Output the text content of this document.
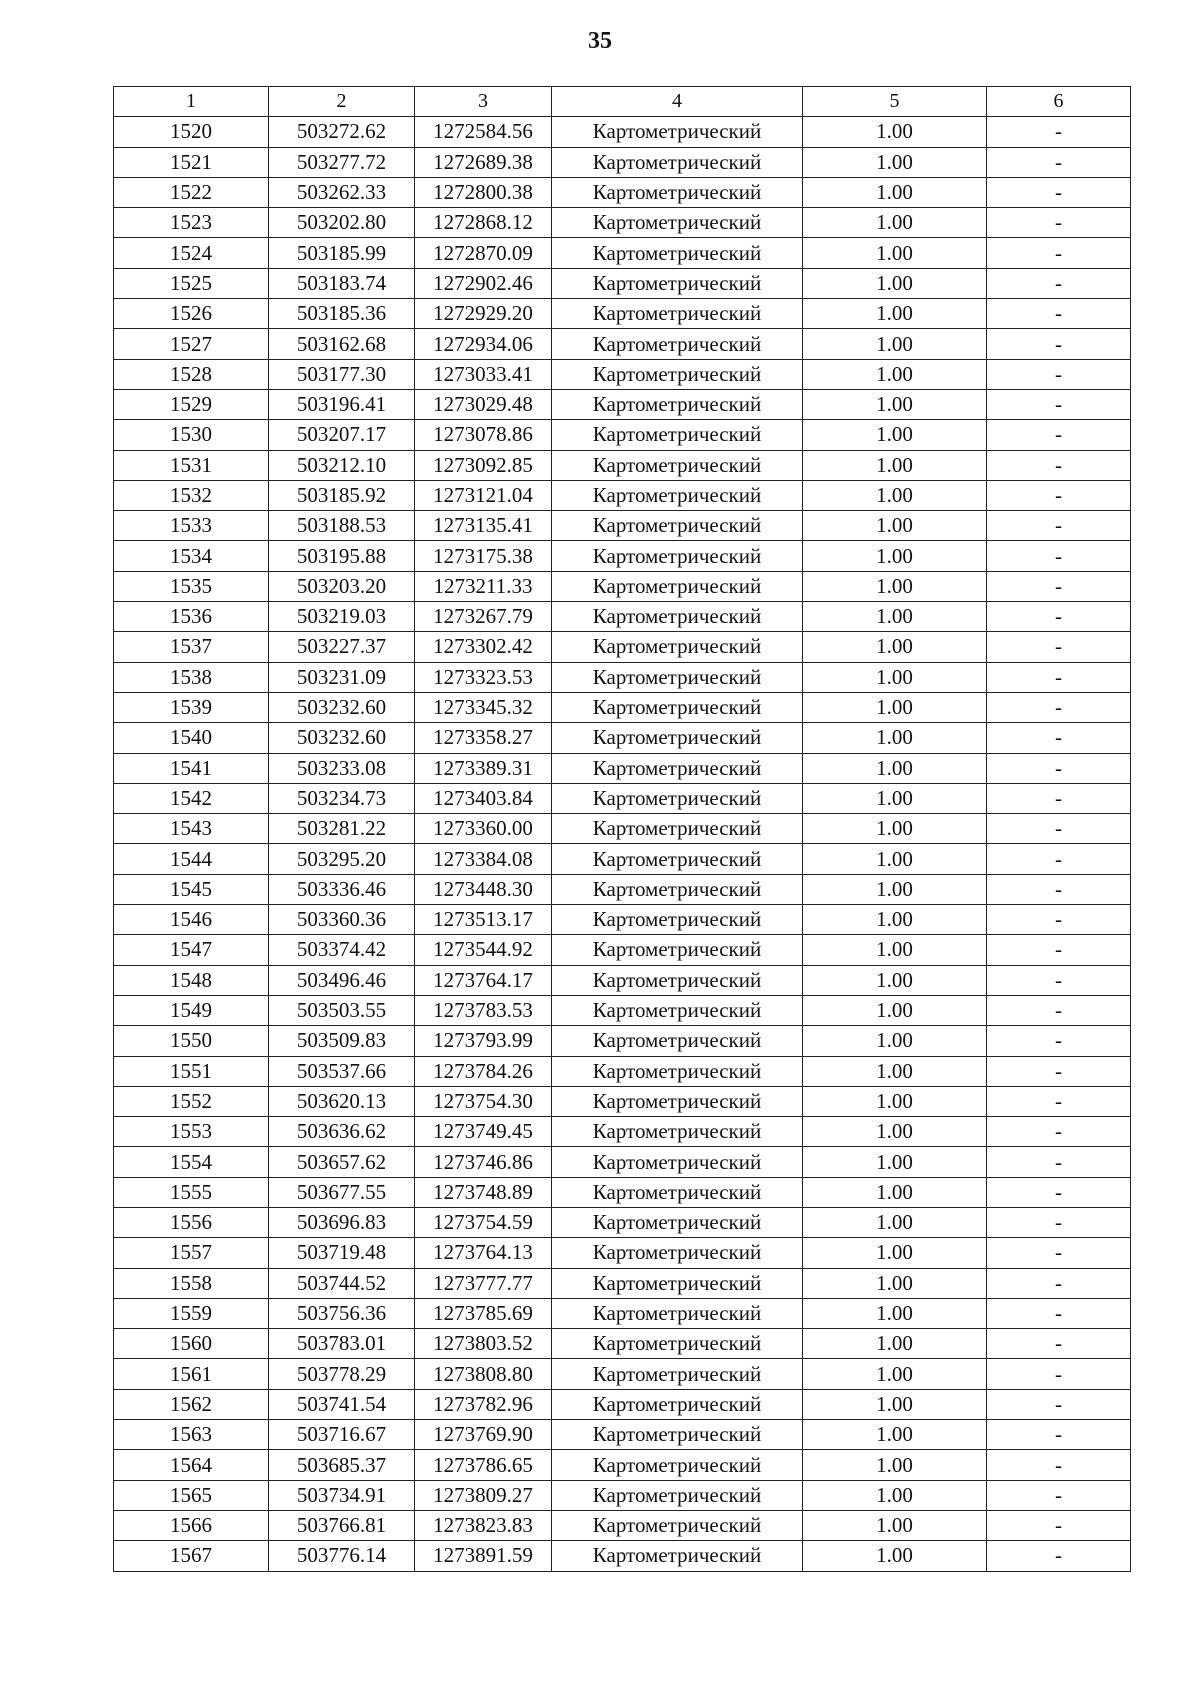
35
1	2	3	4	5	6
1520	503272.62	1272584.56	Картометрический	1.00	-
1521	503277.72	1272689.38	Картометрический	1.00	-
1522	503262.33	1272800.38	Картометрический	1.00	-
1523	503202.80	1272868.12	Картометрический	1.00	-
1524	503185.99	1272870.09	Картометрический	1.00	-
1525	503183.74	1272902.46	Картометрический	1.00	-
1526	503185.36	1272929.20	Картометрический	1.00	-
1527	503162.68	1272934.06	Картометрический	1.00	-
1528	503177.30	1273033.41	Картометрический	1.00	-
1529	503196.41	1273029.48	Картометрический	1.00	-
1530	503207.17	1273078.86	Картометрический	1.00	-
1531	503212.10	1273092.85	Картометрический	1.00	-
1532	503185.92	1273121.04	Картометрический	1.00	-
1533	503188.53	1273135.41	Картометрический	1.00	-
1534	503195.88	1273175.38	Картометрический	1.00	-
1535	503203.20	1273211.33	Картометрический	1.00	-
1536	503219.03	1273267.79	Картометрический	1.00	-
1537	503227.37	1273302.42	Картометрический	1.00	-
1538	503231.09	1273323.53	Картометрический	1.00	-
1539	503232.60	1273345.32	Картометрический	1.00	-
1540	503232.60	1273358.27	Картометрический	1.00	-
1541	503233.08	1273389.31	Картометрический	1.00	-
1542	503234.73	1273403.84	Картометрический	1.00	-
1543	503281.22	1273360.00	Картометрический	1.00	-
1544	503295.20	1273384.08	Картометрический	1.00	-
1545	503336.46	1273448.30	Картометрический	1.00	-
1546	503360.36	1273513.17	Картометрический	1.00	-
1547	503374.42	1273544.92	Картометрический	1.00	-
1548	503496.46	1273764.17	Картометрический	1.00	-
1549	503503.55	1273783.53	Картометрический	1.00	-
1550	503509.83	1273793.99	Картометрический	1.00	-
1551	503537.66	1273784.26	Картометрический	1.00	-
1552	503620.13	1273754.30	Картометрический	1.00	-
1553	503636.62	1273749.45	Картометрический	1.00	-
1554	503657.62	1273746.86	Картометрический	1.00	-
1555	503677.55	1273748.89	Картометрический	1.00	-
1556	503696.83	1273754.59	Картометрический	1.00	-
1557	503719.48	1273764.13	Картометрический	1.00	-
1558	503744.52	1273777.77	Картометрический	1.00	-
1559	503756.36	1273785.69	Картометрический	1.00	-
1560	503783.01	1273803.52	Картометрический	1.00	-
1561	503778.29	1273808.80	Картометрический	1.00	-
1562	503741.54	1273782.96	Картометрический	1.00	-
1563	503716.67	1273769.90	Картометрический	1.00	-
1564	503685.37	1273786.65	Картометрический	1.00	-
1565	503734.91	1273809.27	Картометрический	1.00	-
1566	503766.81	1273823.83	Картометрический	1.00	-
1567	503776.14	1273891.59	Картометрический	1.00	-
